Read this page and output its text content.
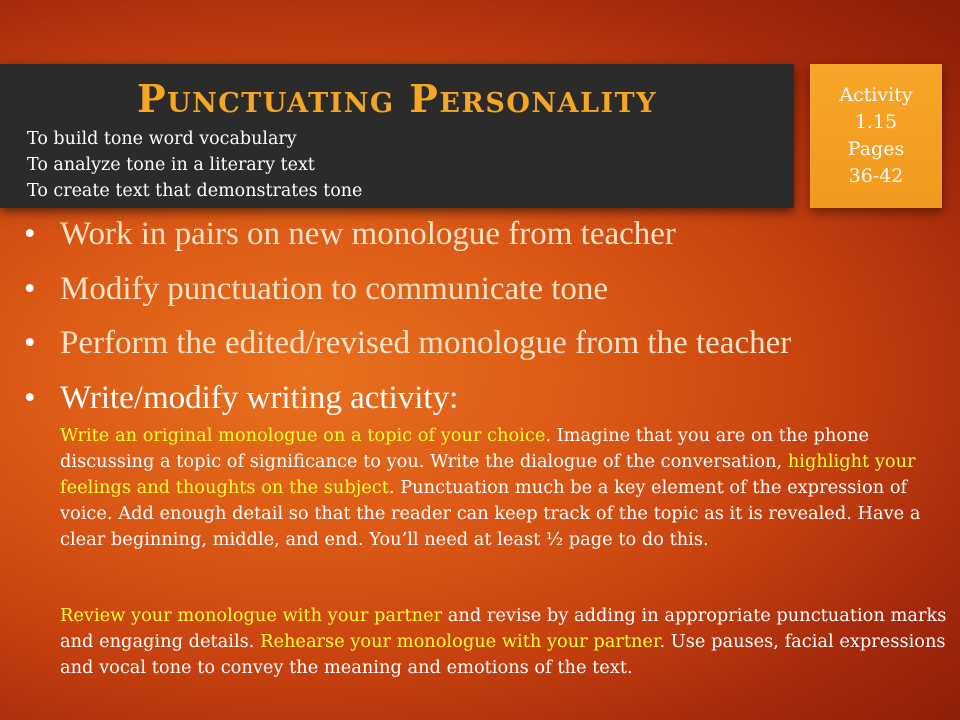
Punctuating Personality
To build tone word vocabulary
To analyze tone in a literary text
To create text that demonstrates tone
Activity
1.15
Pages
36-42
• Work in pairs on new monologue from teacher
• Modify punctuation to communicate tone
• Perform the edited/revised monologue from the teacher
• Write/modify writing activity:

Write an original monologue on a topic of your choice. Imagine that you are on the phone discussing a topic of significance to you. Write the dialogue of the conversation, highlight your feelings and thoughts on the subject. Punctuation much be a key element of the expression of voice. Add enough detail so that the reader can keep track of the topic as it is revealed. Have a clear beginning, middle, and end. You’ll need at least ½ page to do this.

Review your monologue with your partner and revise by adding in appropriate punctuation marks and engaging details. Rehearse your monologue with your partner. Use pauses, facial expressions and vocal tone to convey the meaning and emotions of the text.
